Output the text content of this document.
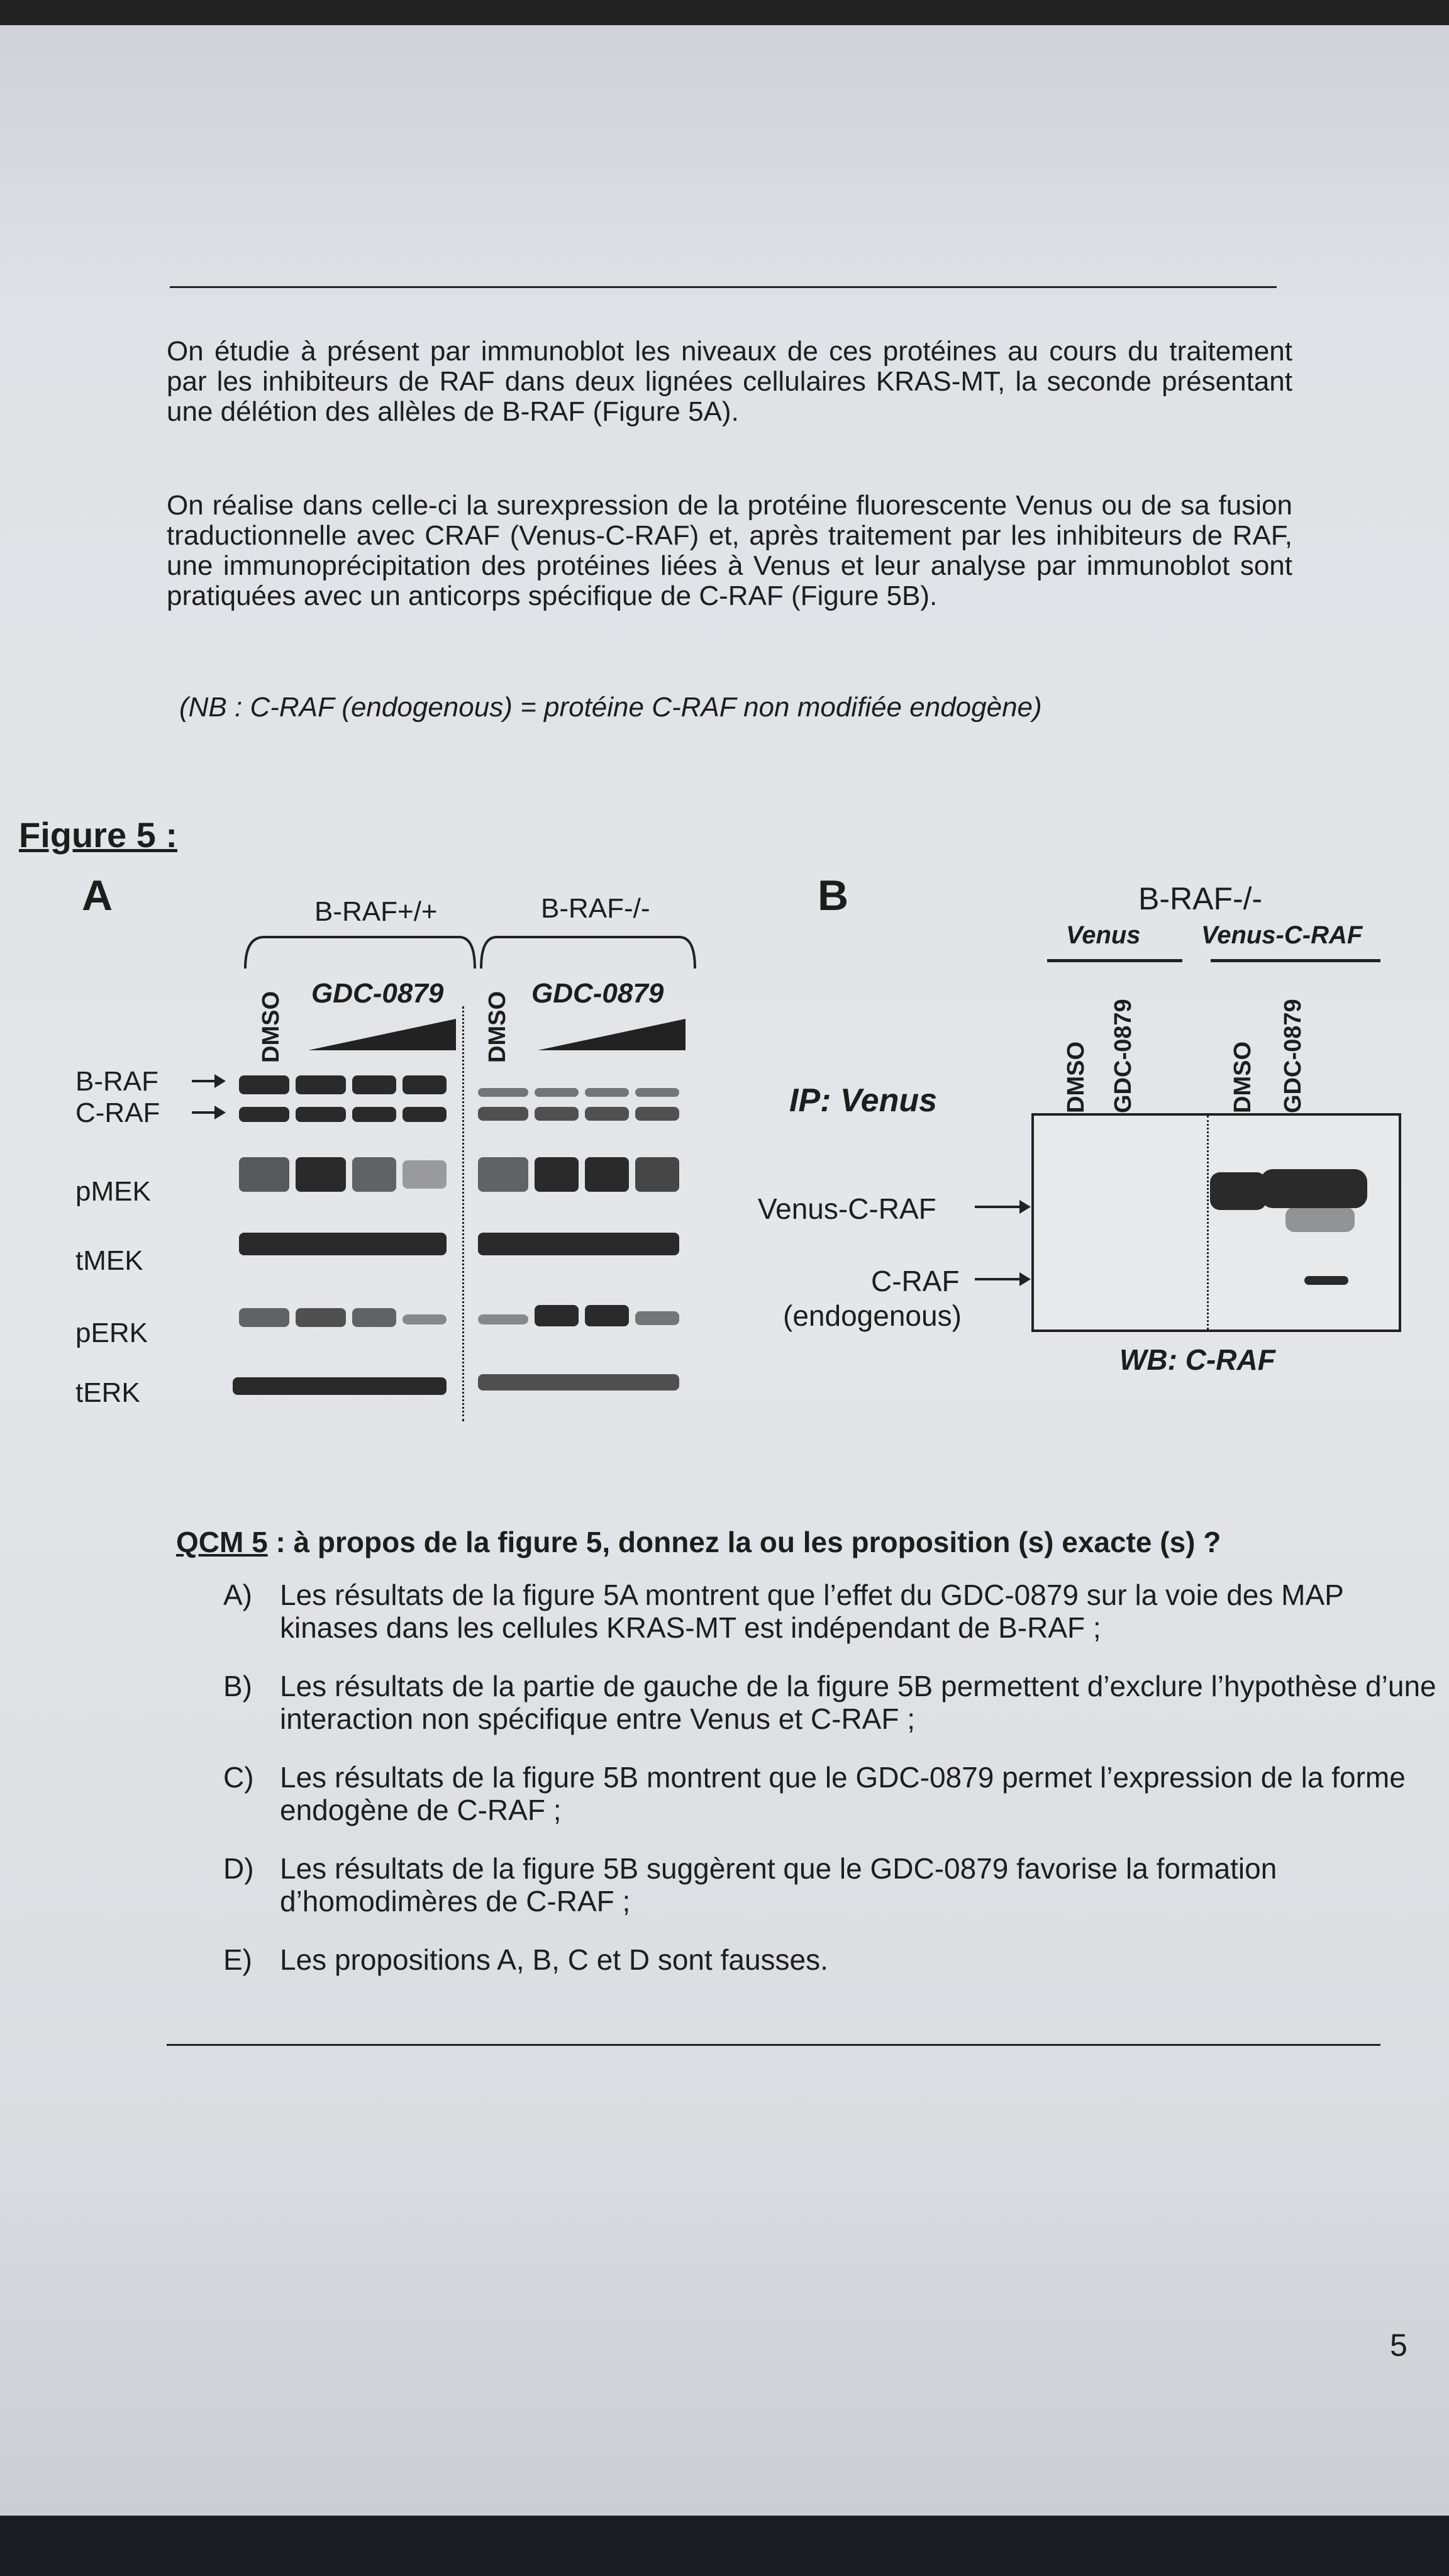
On étudie à présent par immunoblot les niveaux de ces protéines au cours du traitement par les inhibiteurs de RAF dans deux lignées cellulaires KRAS-MT, la seconde présentant une délétion des allèles de B-RAF (Figure 5A).
On réalise dans celle-ci la surexpression de la protéine fluorescente Venus ou de sa fusion traductionnelle avec CRAF (Venus-C-RAF) et, après traitement par les inhibiteurs de RAF, une immunoprécipitation des protéines liées à Venus et leur analyse par immunoblot sont pratiquées avec un anticorps spécifique de C-RAF (Figure 5B).
(NB : C-RAF (endogenous) = protéine C-RAF non modifiée endogène)
Figure 5 :
A	B-RAF+/+	B-RAF-/-
DMSO	DMSO
GDC-0879	GDC-0879
B-RAF
C-RAF
pMEK
tMEK
pERK
tERK
B	B-RAF-/-
Venus Venus-C-RAF
DMSO GDC-0879	DMSO GDC-0879
IP: Venus
Venus-C-RAF
C-RAF
(endogenous)
WB: C-RAF
QCM 5 : à propos de la figure 5, donnez la ou les proposition (s) exacte (s) ?
A) Les résultats de la figure 5A montrent que l’effet du GDC-0879 sur la voie des MAP kinases dans les cellules KRAS-MT est indépendant de B-RAF ;
B) Les résultats de la partie de gauche de la figure 5B permettent d’exclure l’hypothèse d’une interaction non spécifique entre Venus et C-RAF ;
C) Les résultats de la figure 5B montrent que le GDC-0879 permet l’expression de la forme endogène de C-RAF ;
D) Les résultats de la figure 5B suggèrent que le GDC-0879 favorise la formation d’homodimères de C-RAF ;
E) Les propositions A, B, C et D sont fausses.
5
